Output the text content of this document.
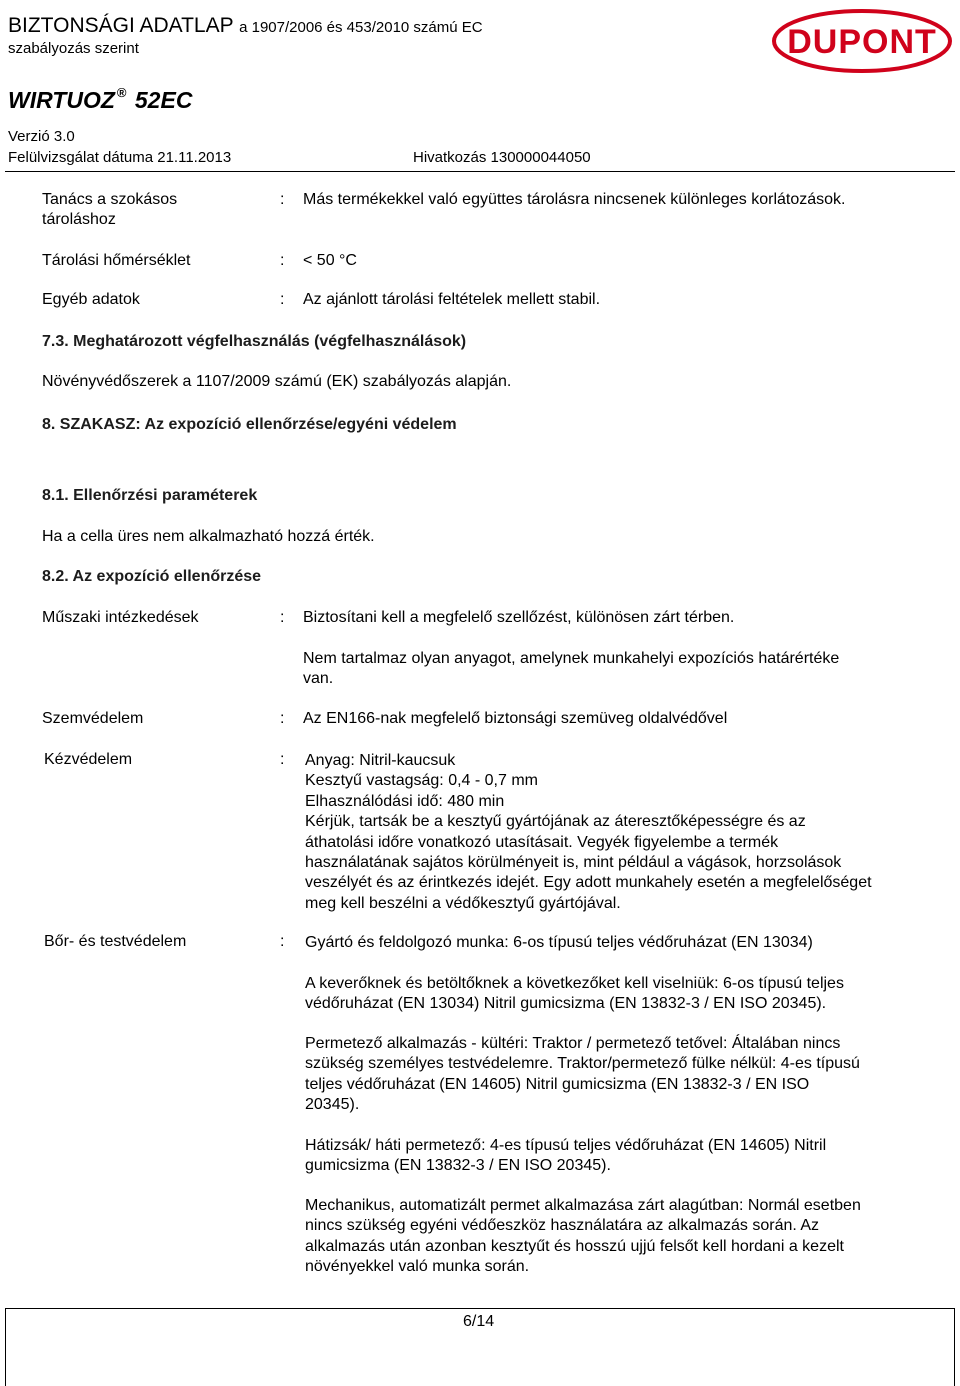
BIZTONSÁGI ADATLAP a 1907/2006 és 453/2010 számú EC
szabályozás szerint
WIRTUOZ ® 52EC
Verzió 3.0
Felülvizsgálat dátuma 21.11.2013	Hivatkozás 130000044050
DUPONT
Tanács a szokásos
tároláshoz
: Más termékekkel való együttes tárolásra nincsenek különleges korlátozások.
Tárolási hőmérséklet	: < 50 °C
Egyéb adatok	: Az ajánlott tárolási feltételek mellett stabil.
7.3. Meghatározott végfelhasználás (végfelhasználások)
Növényvédőszerek a 1107/2009 számú (EK) szabályozás alapján.
8. SZAKASZ: Az expozíció ellenőrzése/egyéni védelem
8.1. Ellenőrzési paraméterek
Ha a cella üres nem alkalmazható hozzá érték.
8.2. Az expozíció ellenőrzése
Műszaki intézkedések	: Biztosítani kell a megfelelő szellőzést, különösen zárt térben.
Nem tartalmaz olyan anyagot, amelynek munkahelyi expozíciós határértéke
van.
Szemvédelem	: Az EN166-nak megfelelő biztonsági szemüveg oldalvédővel
Kézvédelem	: Anyag: Nitril-kaucsuk
Kesztyű vastagság: 0,4 - 0,7 mm
Elhasználódási idő: 480 min
Kérjük, tartsák be a kesztyű gyártójának az áteresztőképességre és az
áthatolási időre vonatkozó utasításait. Vegyék figyelembe a termék
használatának sajátos körülményeit is, mint például a vágások, horzsolások
veszélyét és az érintkezés idejét. Egy adott munkahely esetén a megfelelőséget
meg kell beszélni a védőkesztyű gyártójával.
Bőr- és testvédelem	: Gyártó és feldolgozó munka: 6-os típusú teljes védőruházat (EN 13034)
A keverőknek és betöltőknek a következőket kell viselniük: 6-os típusú teljes
védőruházat (EN 13034) Nitril gumicsizma (EN 13832-3 / EN ISO 20345).
Permetező alkalmazás - kültéri: Traktor / permetező tetővel: Általában nincs
szükség személyes testvédelemre. Traktor/permetező fülke nélkül: 4-es típusú
teljes védőruházat (EN 14605) Nitril gumicsizma (EN 13832-3 / EN ISO
20345).
Hátizsák/ háti permetező: 4-es típusú teljes védőruházat (EN 14605) Nitril
gumicsizma (EN 13832-3 / EN ISO 20345).
Mechanikus, automatizált permet alkalmazása zárt alagútban: Normál esetben
nincs szükség egyéni védőeszköz használatára az alkalmazás során. Az
alkalmazás után azonban kesztyűt és hosszú ujjú felsőt kell hordani a kezelt
növényekkel való munka során.
6/14
